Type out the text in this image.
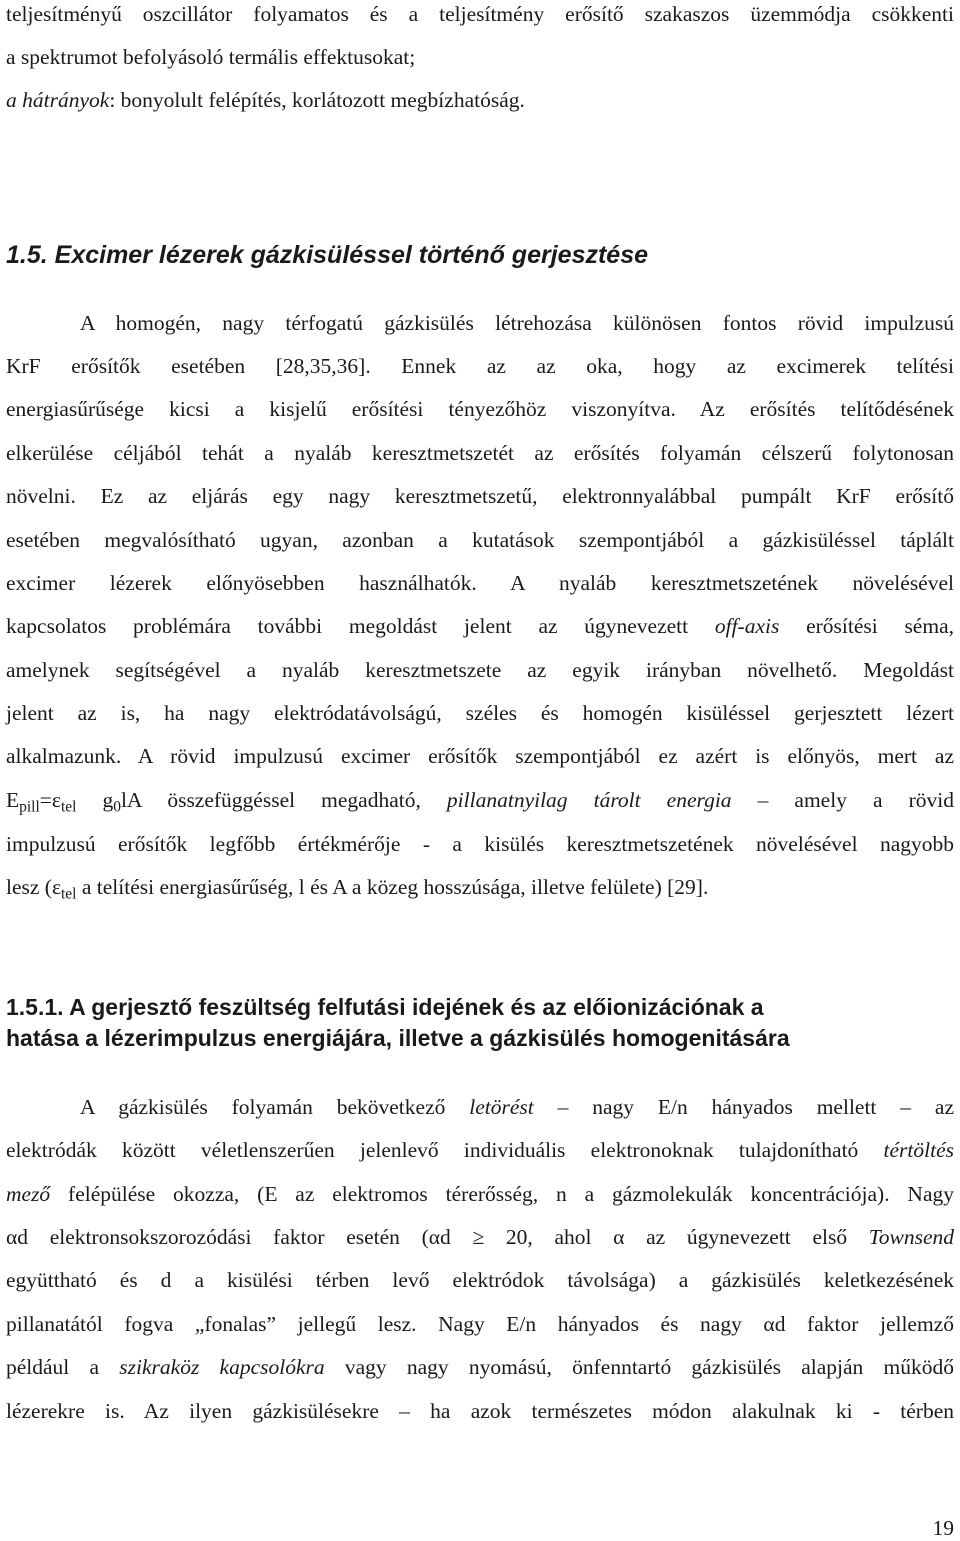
teljesítményű oszcillátor folyamatos és a teljesítmény erősítő szakaszos üzemmódja csökkenti
a spektrumot befolyásoló termális effektusokat;
a hátrányok: bonyolult felépítés, korlátozott megbízhatóság.
1.5. Excimer lézerek gázkisüléssel történő gerjesztése
A homogén, nagy térfogatú gázkisülés létrehozása különösen fontos rövid impulzusú
KrF erősítők esetében [28,35,36]. Ennek az az oka, hogy az excimerek telítési
energiasűrűsége kicsi a kisjelű erősítési tényezőhöz viszonyítva. Az erősítés telítődésének
elkerülése céljából tehát a nyaláb keresztmetszetét az erősítés folyamán célszerű folytonosan
növelni. Ez az eljárás egy nagy keresztmetszetű, elektronnyalábbal pumpált KrF erősítő
esetében megvalósítható ugyan, azonban a kutatások szempontjából a gázkisüléssel táplált
excimer lézerek előnyösebben használhatók. A nyaláb keresztmetszetének növelésével
kapcsolatos problémára további megoldást jelent az úgynevezett off-axis erősítési séma,
amelynek segítségével a nyaláb keresztmetszete az egyik irányban növelhető. Megoldást
jelent az is, ha nagy elektródatávolságú, széles és homogén kisüléssel gerjesztett lézert
alkalmazunk. A rövid impulzusú excimer erősítők szempontjából ez azért is előnyös, mert az
$E_{pill}=\varepsilon_{tel}$ $g_0lA$ összefüggéssel megadható, pillanatnyilag tárolt energia – amely a rövid
impulzusú erősítők legfőbb értékmérője - a kisülés keresztmetszetének növelésével nagyobb
lesz ($\varepsilon_{tel}$ a telítési energiasűrűség, l és A a közeg hosszúsága, illetve felülete) [29].
1.5.1. A gerjesztő feszültség felfutási idejének és az előionizációnak a
hatása a lézerimpulzus energiájára, illetve a gázkisülés homogenitására
A gázkisülés folyamán bekövetkező letörést – nagy E/n hányados mellett – az
elektródák között véletlenszerűen jelenlevő individuális elektronoknak tulajdonítható tértöltés
mező felépülése okozza, (E az elektromos térerősség, n a gázmolekulák koncentrációja). Nagy
αd elektronsokszorozódási faktor esetén (αd ≥ 20, ahol α az úgynevezett első Townsend
együttható és d a kisülési térben levő elektródok távolsága) a gázkisülés keletkezésének
pillanatától fogva „fonalas” jellegű lesz. Nagy E/n hányados és nagy αd faktor jellemző
például a szikraköz kapcsolókra vagy nagy nyomású, önfenntartó gázkisülés alapján működő
lézerekre is. Az ilyen gázkisülésekre – ha azok természetes módon alakulnak ki - térben
19
